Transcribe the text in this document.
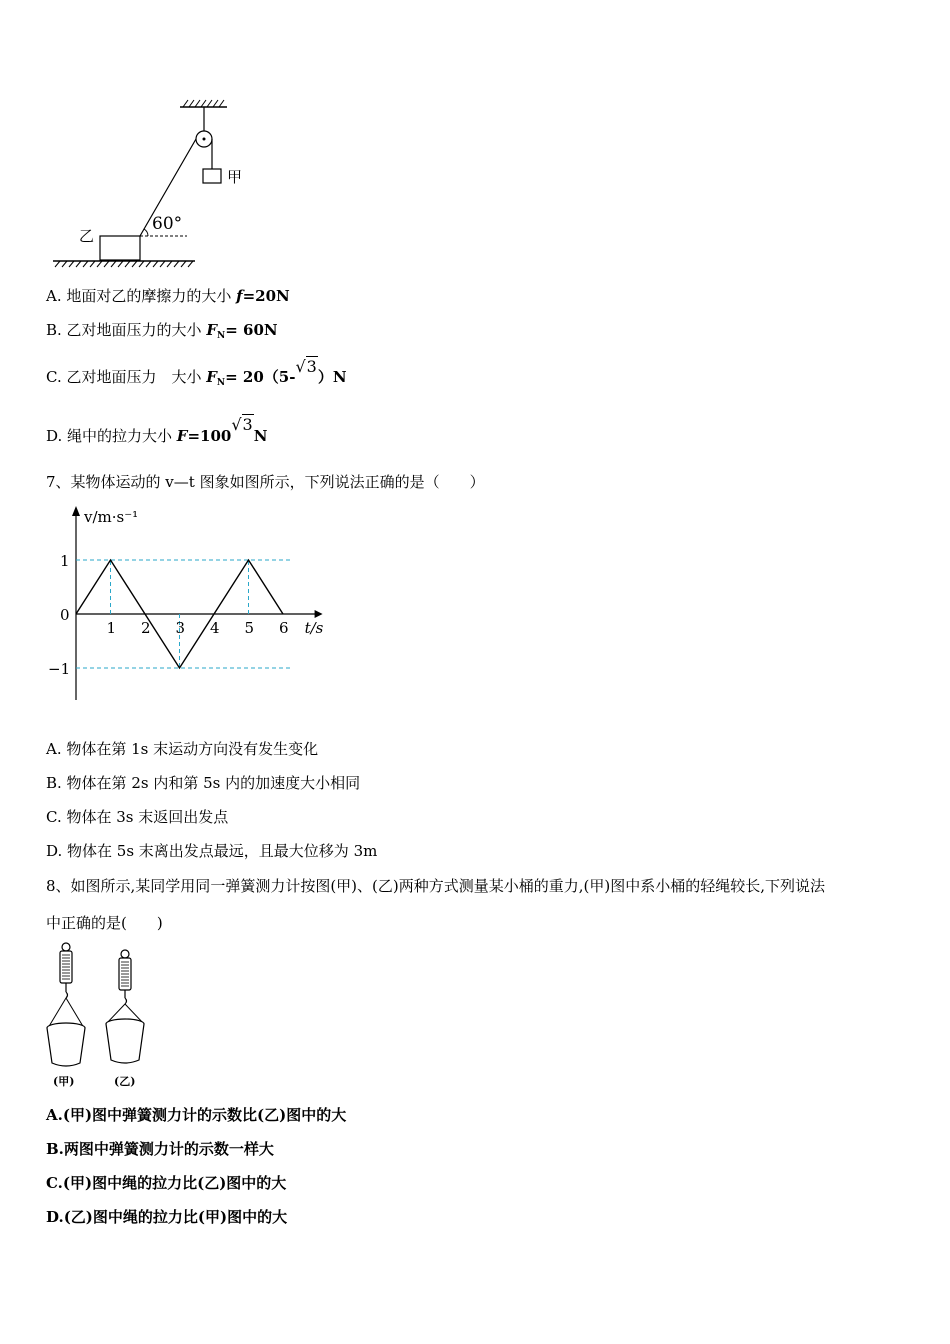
甲
乙
60°
A. 地面对乙的摩擦力的大小 f=20N
B. 乙对地面压力的大小 $F_N= 60N$
C. 乙对地面压力　大小 $F_N= 20(5-√3)N$
D. 绳中的拉力大小 F=100√3N
7、某物体运动的 v—t 图象如图所示，下列说法正确的是（　　）
1 2 3 4 5 6
1
0
−1
t/s
v/m·s⁻¹
A. 物体在第 1s 末运动方向没有发生变化
B. 物体在第 2s 内和第 5s 内的加速度大小相同
C. 物体在 3s 末返回出发点
D. 物体在 5s 末离出发点最远，且最大位移为 3m
8、如图所示,某同学用同一弹簧测力计按图(甲)、(乙)两种方式测量某小桶的重力,(甲)图中系小桶的轻绳较长,下列说法
中正确的是(　　)
(甲)	(乙)
A.(甲)图中弹簧测力计的示数比(乙)图中的大
B.两图中弹簧测力计的示数一样大
C.(甲)图中绳的拉力比(乙)图中的大
D.(乙)图中绳的拉力比(甲)图中的大
